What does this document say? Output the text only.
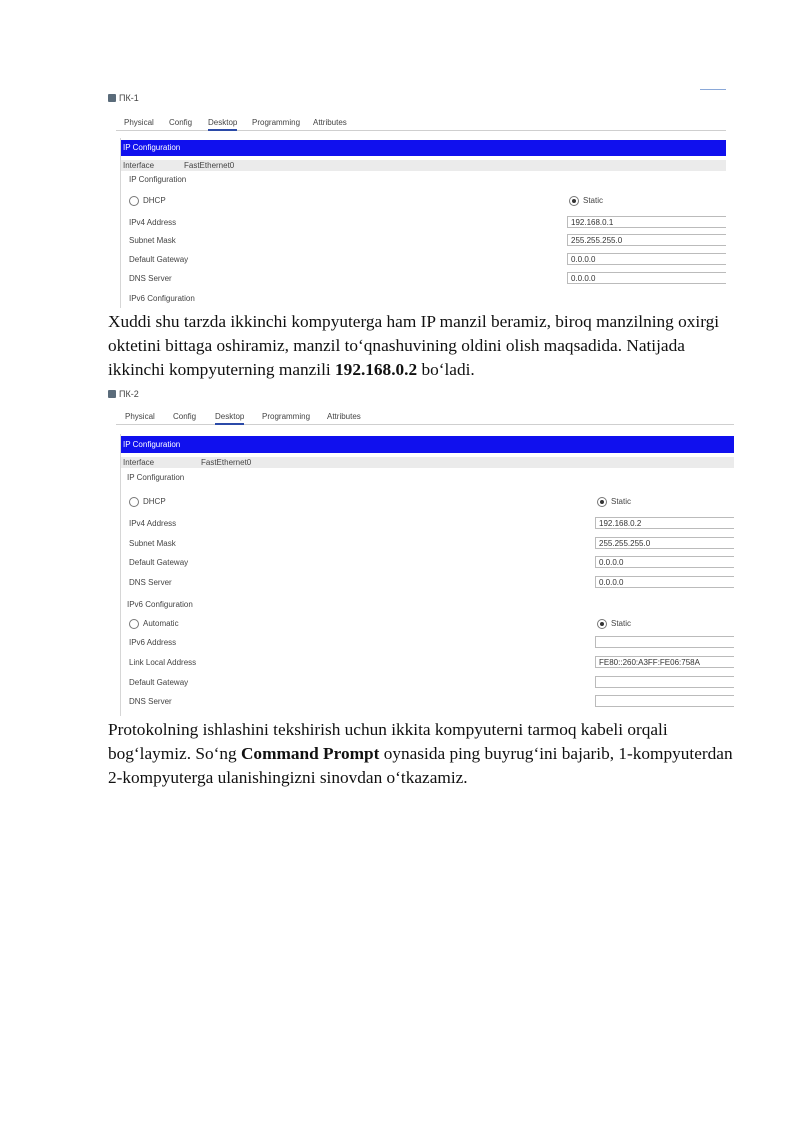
ПК-1
Physical Config Desktop Programming Attributes
IP Configuration
Interface	FastEthernet0
IP Configuration
DHCP	Static
IPv4 Address	192.168.0.1
Subnet Mask	255.255.255.0
Default Gateway	0.0.0.0
DNS Server	0.0.0.0
IPv6 Configuration
Xuddi shu tarzda ikkinchi kompyuterga ham IP manzil beramiz, biroq manzilning oxirgi oktetini bittaga oshiramiz, manzil to‘qnashuvining oldini olish maqsadida. Natijada ikkinchi kompyuterning manzili 192.168.0.2 bo‘ladi.
ПК-2
Physical Config Desktop Programming Attributes
IP Configuration
Interface	FastEthernet0
IP Configuration
DHCP	Static
IPv4 Address	192.168.0.2
Subnet Mask	255.255.255.0
Default Gateway	0.0.0.0
DNS Server	0.0.0.0
IPv6 Configuration
Automatic	Static
IPv6 Address
Link Local Address	FE80::260:A3FF:FE06:758A
Default Gateway
DNS Server
Protokolning ishlashini tekshirish uchun ikkita kompyuterni tarmoq kabeli orqali bog‘laymiz. So‘ng Command Prompt oynasida ping buyrug‘ini bajarib, 1-kompyuterdan 2-kompyuterga ulanishingizni sinovdan o‘tkazamiz.
